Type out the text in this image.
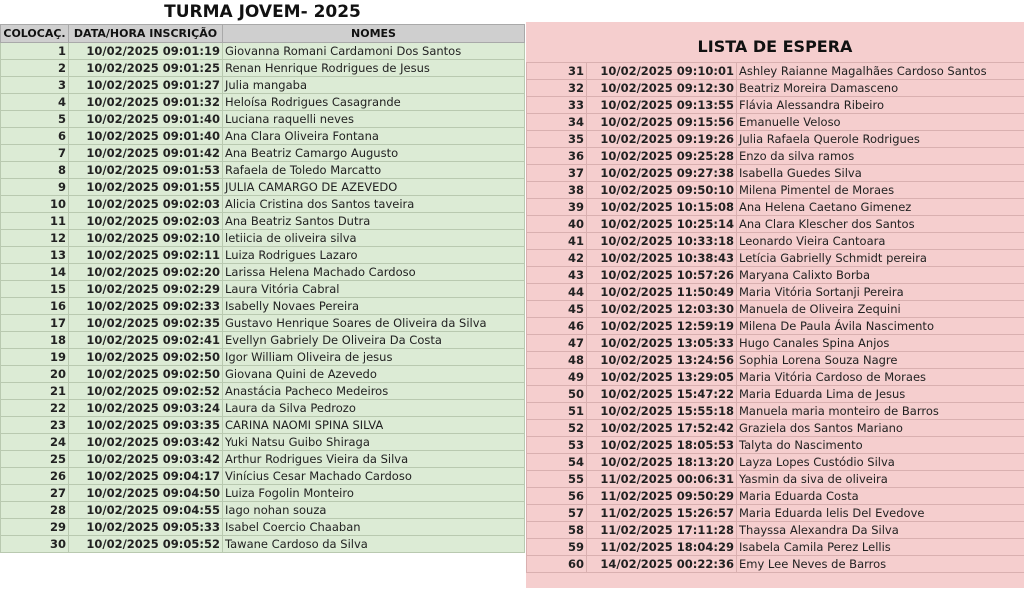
TURMA JOVEM- 2025
COLOCAÇ.	DATA/HORA INSCRIÇÃO	NOMES
1	10/02/2025 09:01:19	Giovanna Romani Cardamoni Dos Santos
2	10/02/2025 09:01:25	Renan Henrique Rodrigues de Jesus
3	10/02/2025 09:01:27	Julia mangaba
4	10/02/2025 09:01:32	Heloísa Rodrigues Casagrande
5	10/02/2025 09:01:40	Luciana raquelli neves
6	10/02/2025 09:01:40	Ana Clara Oliveira Fontana
7	10/02/2025 09:01:42	Ana Beatriz Camargo Augusto
8	10/02/2025 09:01:53	Rafaela de Toledo Marcatto
9	10/02/2025 09:01:55	JULIA CAMARGO DE AZEVEDO
10	10/02/2025 09:02:03	Alicia Cristina dos Santos taveira
11	10/02/2025 09:02:03	Ana Beatriz Santos Dutra
12	10/02/2025 09:02:10	letiicia de oliveira silva
13	10/02/2025 09:02:11	Luiza Rodrigues Lazaro
14	10/02/2025 09:02:20	Larissa Helena Machado Cardoso
15	10/02/2025 09:02:29	Laura Vitória Cabral
16	10/02/2025 09:02:33	Isabelly Novaes Pereira
17	10/02/2025 09:02:35	Gustavo Henrique Soares de Oliveira da Silva
18	10/02/2025 09:02:41	Evellyn Gabriely De Oliveira Da Costa
19	10/02/2025 09:02:50	Igor William Oliveira de jesus
20	10/02/2025 09:02:50	Giovana Quini de Azevedo
21	10/02/2025 09:02:52	Anastácia Pacheco Medeiros
22	10/02/2025 09:03:24	Laura da Silva Pedrozo
23	10/02/2025 09:03:35	CARINA NAOMI SPINA SILVA
24	10/02/2025 09:03:42	Yuki Natsu Guibo Shiraga
25	10/02/2025 09:03:42	Arthur Rodrigues Vieira da Silva
26	10/02/2025 09:04:17	Vinícius Cesar Machado Cardoso
27	10/02/2025 09:04:50	Luiza Fogolin Monteiro
28	10/02/2025 09:04:55	Iago nohan souza
29	10/02/2025 09:05:33	Isabel Coercio Chaaban
30	10/02/2025 09:05:52	Tawane Cardoso da Silva
LISTA DE ESPERA
31	10/02/2025 09:10:01	Ashley Raianne Magalhães Cardoso Santos
32	10/02/2025 09:12:30	Beatriz Moreira Damasceno
33	10/02/2025 09:13:55	Flávia Alessandra Ribeiro
34	10/02/2025 09:15:56	Emanuelle Veloso
35	10/02/2025 09:19:26	Julia Rafaela Querole Rodrigues
36	10/02/2025 09:25:28	Enzo da silva ramos
37	10/02/2025 09:27:38	Isabella Guedes Silva
38	10/02/2025 09:50:10	Milena Pimentel de Moraes
39	10/02/2025 10:15:08	Ana Helena Caetano Gimenez
40	10/02/2025 10:25:14	Ana Clara Klescher dos Santos
41	10/02/2025 10:33:18	Leonardo Vieira Cantoara
42	10/02/2025 10:38:43	Letícia Gabrielly Schmidt pereira
43	10/02/2025 10:57:26	Maryana Calixto Borba
44	10/02/2025 11:50:49	Maria Vitória Sortanji Pereira
45	10/02/2025 12:03:30	Manuela de Oliveira Zequini
46	10/02/2025 12:59:19	Milena De Paula Ávila Nascimento
47	10/02/2025 13:05:33	Hugo Canales Spina Anjos
48	10/02/2025 13:24:56	Sophia Lorena Souza Nagre
49	10/02/2025 13:29:05	Maria Vitória Cardoso de Moraes
50	10/02/2025 15:47:22	Maria Eduarda Lima de Jesus
51	10/02/2025 15:55:18	Manuela maria monteiro de Barros
52	10/02/2025 17:52:42	Graziela dos Santos Mariano
53	10/02/2025 18:05:53	Talyta do Nascimento
54	10/02/2025 18:13:20	Layza Lopes Custódio Silva
55	11/02/2025 00:06:31	Yasmin da siva de oliveira
56	11/02/2025 09:50:29	Maria Eduarda Costa
57	11/02/2025 15:26:57	Maria Eduarda lelis Del Evedove
58	11/02/2025 17:11:28	Thayssa Alexandra Da Silva
59	11/02/2025 18:04:29	Isabela Camila Perez Lellis
60	14/02/2025 00:22:36	Emy Lee Neves de Barros
